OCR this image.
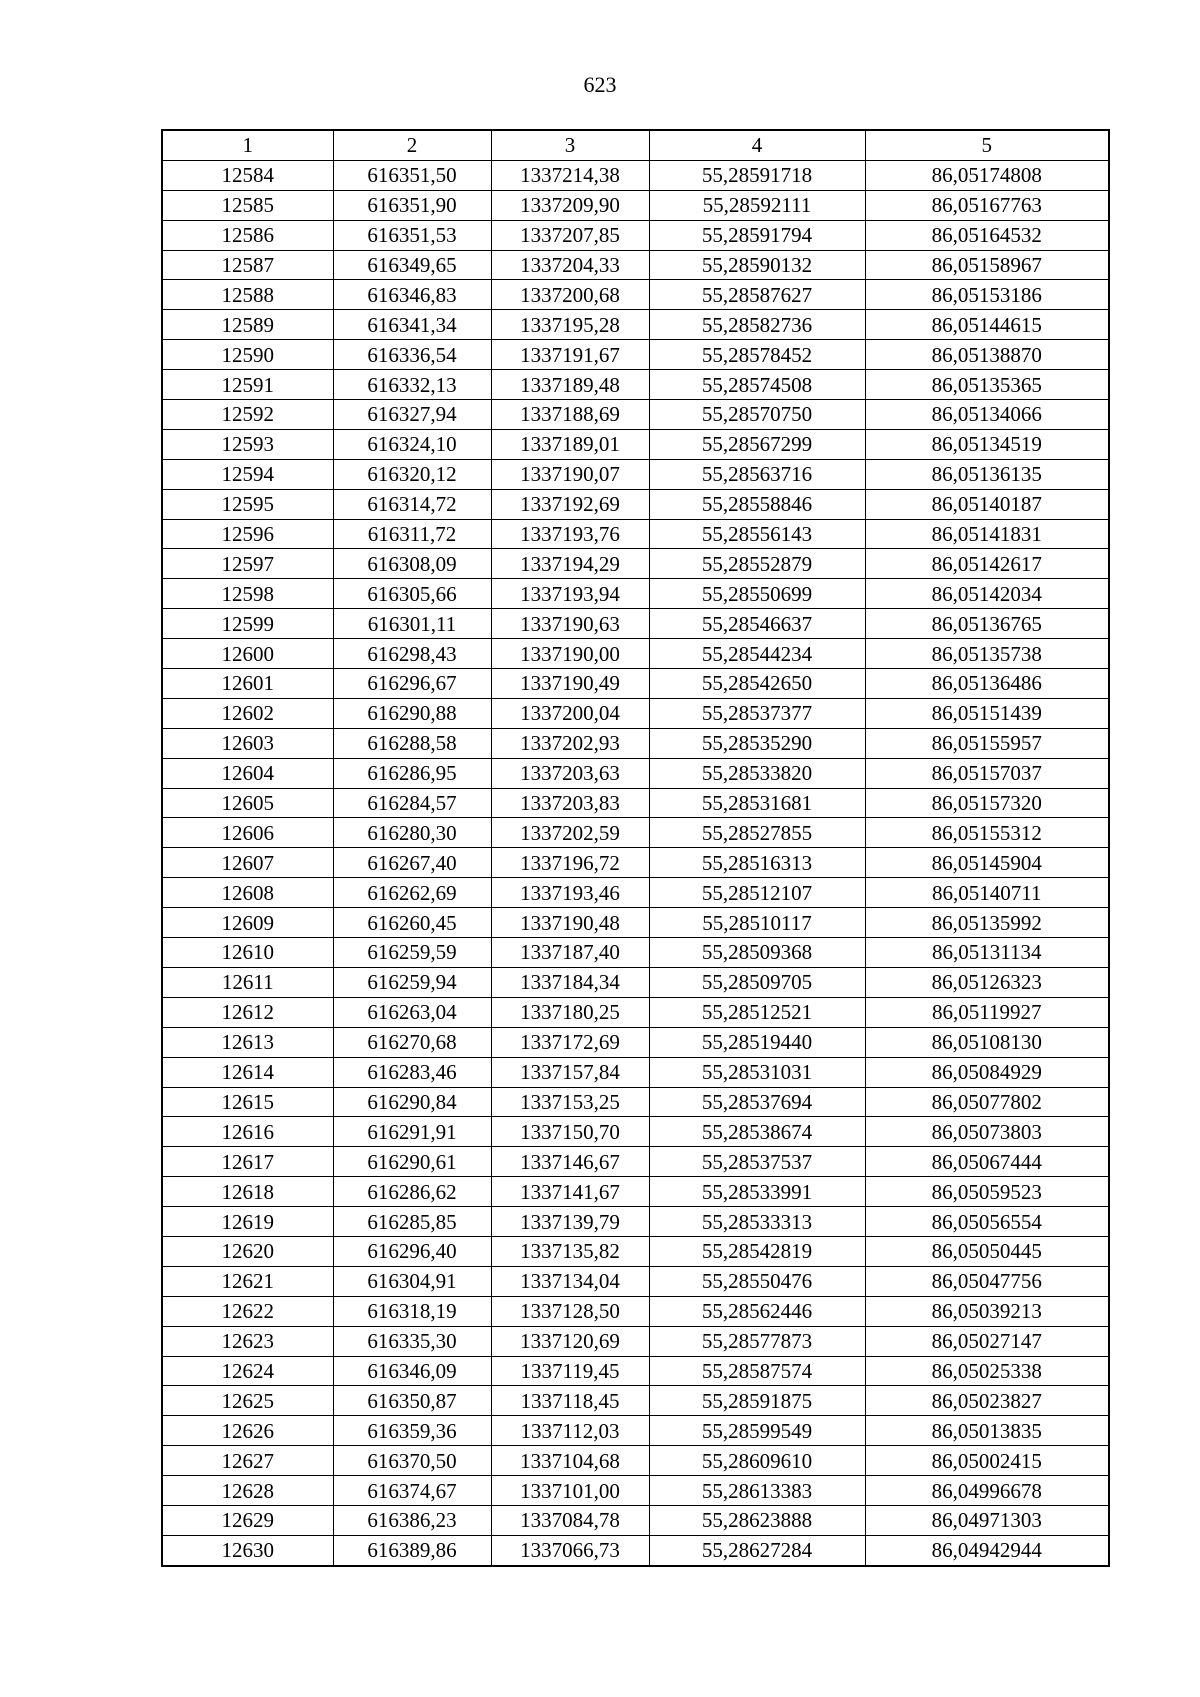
623
1	2	3	4	5
12584	616351,50	1337214,38	55,28591718	86,05174808
12585	616351,90	1337209,90	55,28592111	86,05167763
12586	616351,53	1337207,85	55,28591794	86,05164532
12587	616349,65	1337204,33	55,28590132	86,05158967
12588	616346,83	1337200,68	55,28587627	86,05153186
12589	616341,34	1337195,28	55,28582736	86,05144615
12590	616336,54	1337191,67	55,28578452	86,05138870
12591	616332,13	1337189,48	55,28574508	86,05135365
12592	616327,94	1337188,69	55,28570750	86,05134066
12593	616324,10	1337189,01	55,28567299	86,05134519
12594	616320,12	1337190,07	55,28563716	86,05136135
12595	616314,72	1337192,69	55,28558846	86,05140187
12596	616311,72	1337193,76	55,28556143	86,05141831
12597	616308,09	1337194,29	55,28552879	86,05142617
12598	616305,66	1337193,94	55,28550699	86,05142034
12599	616301,11	1337190,63	55,28546637	86,05136765
12600	616298,43	1337190,00	55,28544234	86,05135738
12601	616296,67	1337190,49	55,28542650	86,05136486
12602	616290,88	1337200,04	55,28537377	86,05151439
12603	616288,58	1337202,93	55,28535290	86,05155957
12604	616286,95	1337203,63	55,28533820	86,05157037
12605	616284,57	1337203,83	55,28531681	86,05157320
12606	616280,30	1337202,59	55,28527855	86,05155312
12607	616267,40	1337196,72	55,28516313	86,05145904
12608	616262,69	1337193,46	55,28512107	86,05140711
12609	616260,45	1337190,48	55,28510117	86,05135992
12610	616259,59	1337187,40	55,28509368	86,05131134
12611	616259,94	1337184,34	55,28509705	86,05126323
12612	616263,04	1337180,25	55,28512521	86,05119927
12613	616270,68	1337172,69	55,28519440	86,05108130
12614	616283,46	1337157,84	55,28531031	86,05084929
12615	616290,84	1337153,25	55,28537694	86,05077802
12616	616291,91	1337150,70	55,28538674	86,05073803
12617	616290,61	1337146,67	55,28537537	86,05067444
12618	616286,62	1337141,67	55,28533991	86,05059523
12619	616285,85	1337139,79	55,28533313	86,05056554
12620	616296,40	1337135,82	55,28542819	86,05050445
12621	616304,91	1337134,04	55,28550476	86,05047756
12622	616318,19	1337128,50	55,28562446	86,05039213
12623	616335,30	1337120,69	55,28577873	86,05027147
12624	616346,09	1337119,45	55,28587574	86,05025338
12625	616350,87	1337118,45	55,28591875	86,05023827
12626	616359,36	1337112,03	55,28599549	86,05013835
12627	616370,50	1337104,68	55,28609610	86,05002415
12628	616374,67	1337101,00	55,28613383	86,04996678
12629	616386,23	1337084,78	55,28623888	86,04971303
12630	616389,86	1337066,73	55,28627284	86,04942944
